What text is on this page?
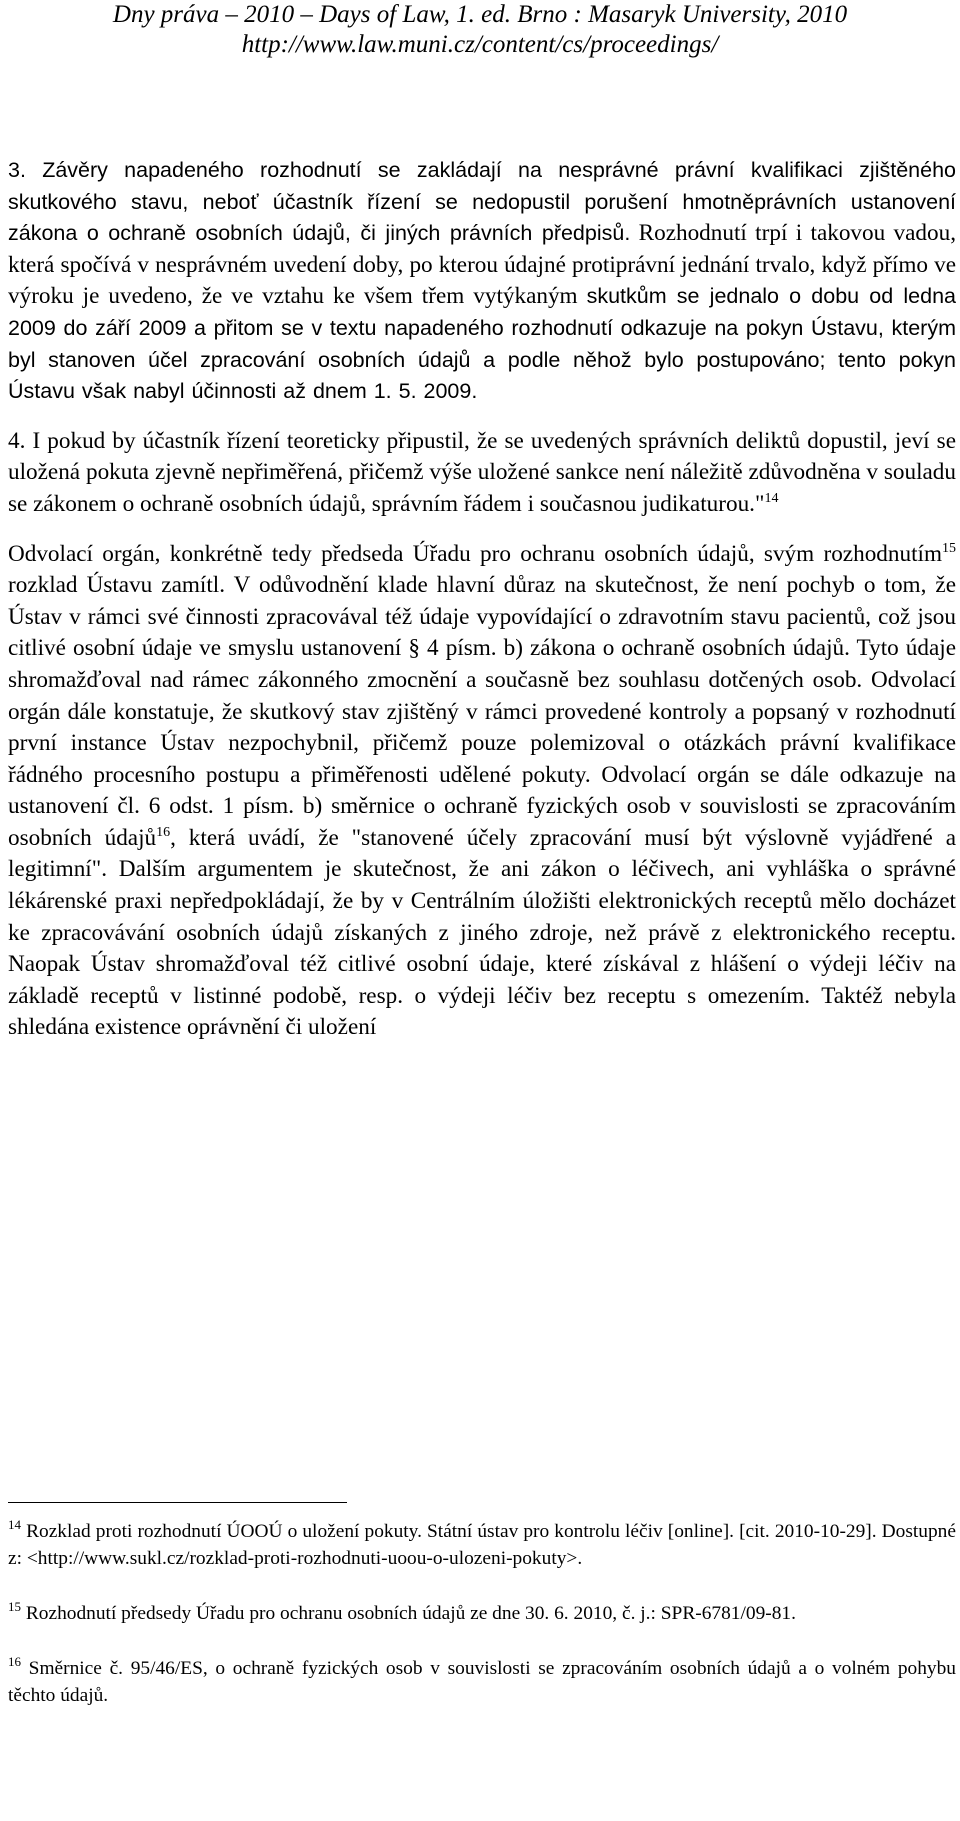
Dny práva – 2010 – Days of Law, 1. ed. Brno : Masaryk University, 2010
http://www.law.muni.cz/content/cs/proceedings/

3. Závěry napadeného rozhodnutí se zakládají na nesprávné právní kvalifikaci zjištěného skutkového stavu, neboť účastník řízení se nedopustil porušení hmotněprávních ustanovení zákona o ochraně osobních údajů, či jiných právních předpisů. Rozhodnutí trpí i takovou vadou, která spočívá v nesprávném uvedení doby, po kterou údajné protiprávní jednání trvalo, když přímo ve výroku je uvedeno, že ve vztahu ke všem třem vytýkaným skutkům se jednalo o dobu od ledna 2009 do září 2009 a přitom se v textu napadeného rozhodnutí odkazuje na pokyn Ústavu, kterým byl stanoven účel zpracování osobních údajů a podle něhož bylo postupováno; tento pokyn Ústavu však nabyl účinnosti až dnem 1. 5. 2009.

4. I pokud by účastník řízení teoreticky připustil, že se uvedených správních deliktů dopustil, jeví se uložená pokuta zjevně nepřiměřená, přičemž výše uložené sankce není náležitě zdůvodněna v souladu se zákonem o ochraně osobních údajů, správním řádem i současnou judikaturou."$^{14}$

Odvolací orgán, konkrétně tedy předseda Úřadu pro ochranu osobních údajů, svým rozhodnutím$^{15}$ rozklad Ústavu zamítl. V odůvodnění klade hlavní důraz na skutečnost, že není pochyb o tom, že Ústav v rámci své činnosti zpracovával též údaje vypovídající o zdravotním stavu pacientů, což jsou citlivé osobní údaje ve smyslu ustanovení § 4 písm. b) zákona o ochraně osobních údajů. Tyto údaje shromažďoval nad rámec zákonného zmocnění a současně bez souhlasu dotčených osob. Odvolací orgán dále konstatuje, že skutkový stav zjištěný v rámci provedené kontroly a popsaný v rozhodnutí první instance Ústav nezpochybnil, přičemž pouze polemizoval o otázkách právní kvalifikace řádného procesního postupu a přiměřenosti udělené pokuty. Odvolací orgán se dále odkazuje na ustanovení čl. 6 odst. 1 písm. b) směrnice o ochraně fyzických osob v souvislosti se zpracováním osobních údajů$^{16}$, která uvádí, že "stanovené účely zpracování musí být výslovně vyjádřené a legitimní". Dalším argumentem je skutečnost, že ani zákon o léčivech, ani vyhláška o správné lékárenské praxi nepředpokládají, že by v Centrálním úložišti elektronických receptů mělo docházet ke zpracovávání osobních údajů získaných z jiného zdroje, než právě z elektronického receptu. Naopak Ústav shromažďoval též citlivé osobní údaje, které získával z hlášení o výdeji léčiv na základě receptů v listinné podobě, resp. o výdeji léčiv bez receptu s omezením. Taktéž nebyla shledána existence oprávnění či uložení

$^{14}$ Rozklad proti rozhodnutí ÚOOÚ o uložení pokuty. Státní ústav pro kontrolu léčiv [online]. [cit. 2010-10-29]. Dostupné z: <http://www.sukl.cz/rozklad-proti-rozhodnuti-uoou-o-ulozeni-pokuty>.
$^{15}$ Rozhodnutí předsedy Úřadu pro ochranu osobních údajů ze dne 30. 6. 2010, č. j.: SPR-6781/09-81.
$^{16}$ Směrnice č. 95/46/ES, o ochraně fyzických osob v souvislosti se zpracováním osobních údajů a o volném pohybu těchto údajů.
